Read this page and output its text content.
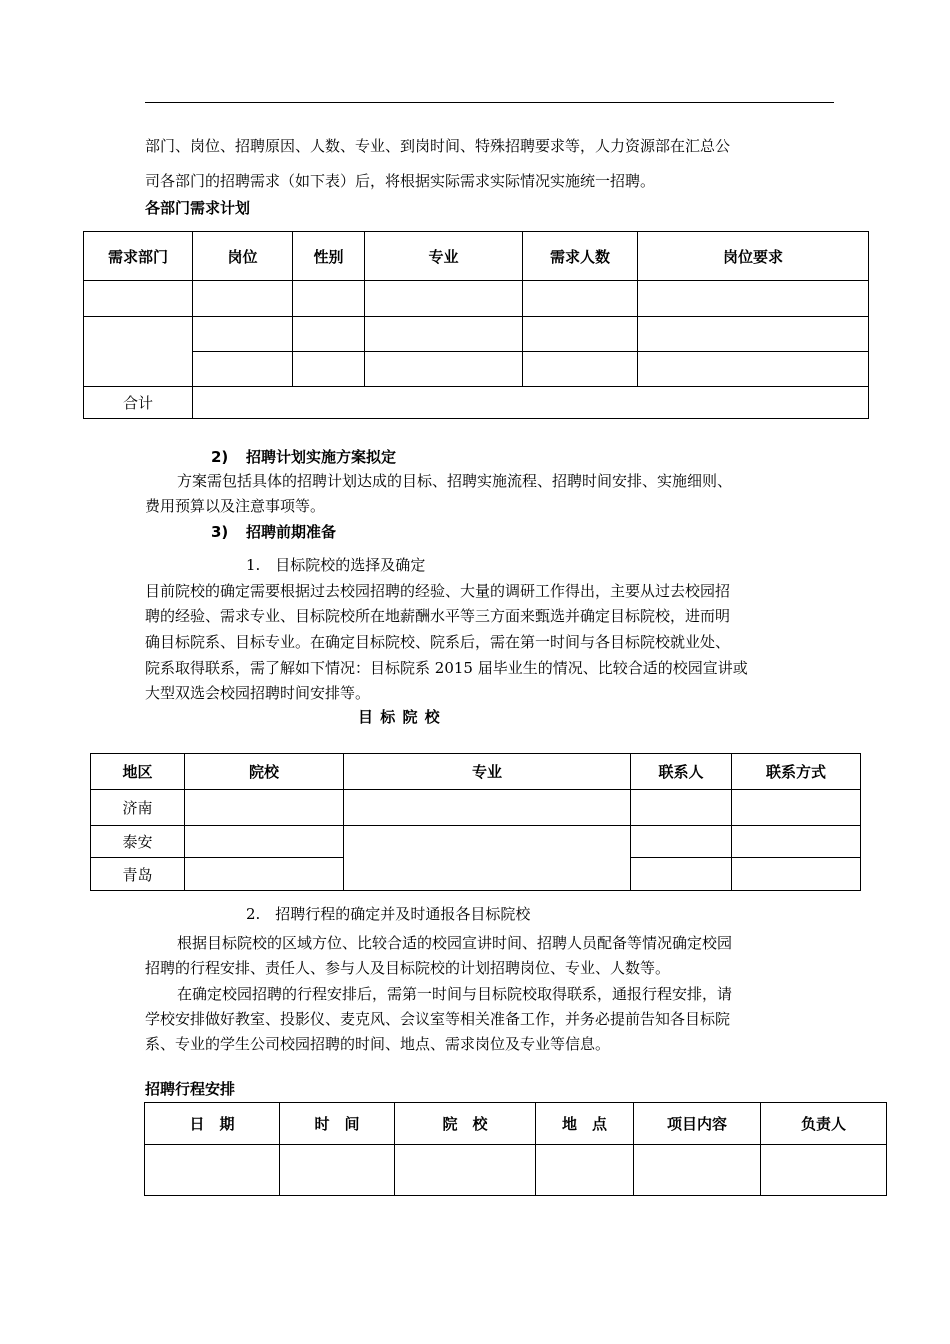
部门、岗位、招聘原因、人数、专业、到岗时间、特殊招聘要求等，人力资源部在汇总公
司各部门的招聘需求（如下表）后，将根据实际需求实际情况实施统一招聘。
各部门需求计划
需求部门	岗位	性别	专业	需求人数	岗位要求

合计					
2) 招聘计划实施方案拟定
方案需包括具体的招聘计划达成的目标、招聘实施流程、招聘时间安排、实施细则、
费用预算以及注意事项等。
3) 招聘前期准备
1.　目标院校的选择及确定
目前院校的确定需要根据过去校园招聘的经验、大量的调研工作得出，主要从过去校园招
聘的经验、需求专业、目标院校所在地薪酬水平等三方面来甄选并确定目标院校，进而明
确目标院系、目标专业。在确定目标院校、院系后，需在第一时间与各目标院校就业处、
院系取得联系，需了解如下情况：目标院系 2015 届毕业生的情况、比较合适的校园宣讲或
大型双选会校园招聘时间安排等。
目 标 院 校
地区	院校	专业	联系人	联系方式
济南				
泰安				
青岛				
2.　招聘行程的确定并及时通报各目标院校
根据目标院校的区域方位、比较合适的校园宣讲时间、招聘人员配备等情况确定校园
招聘的行程安排、责任人、参与人及目标院校的计划招聘岗位、专业、人数等。
在确定校园招聘的行程安排后，需第一时间与目标院校取得联系，通报行程安排，请
学校安排做好教室、投影仪、麦克风、会议室等相关准备工作，并务必提前告知各目标院
系、专业的学生公司校园招聘的时间、地点、需求岗位及专业等信息。
招聘行程安排
日　期	时　间	院　校	地　点	项目内容	负责人
